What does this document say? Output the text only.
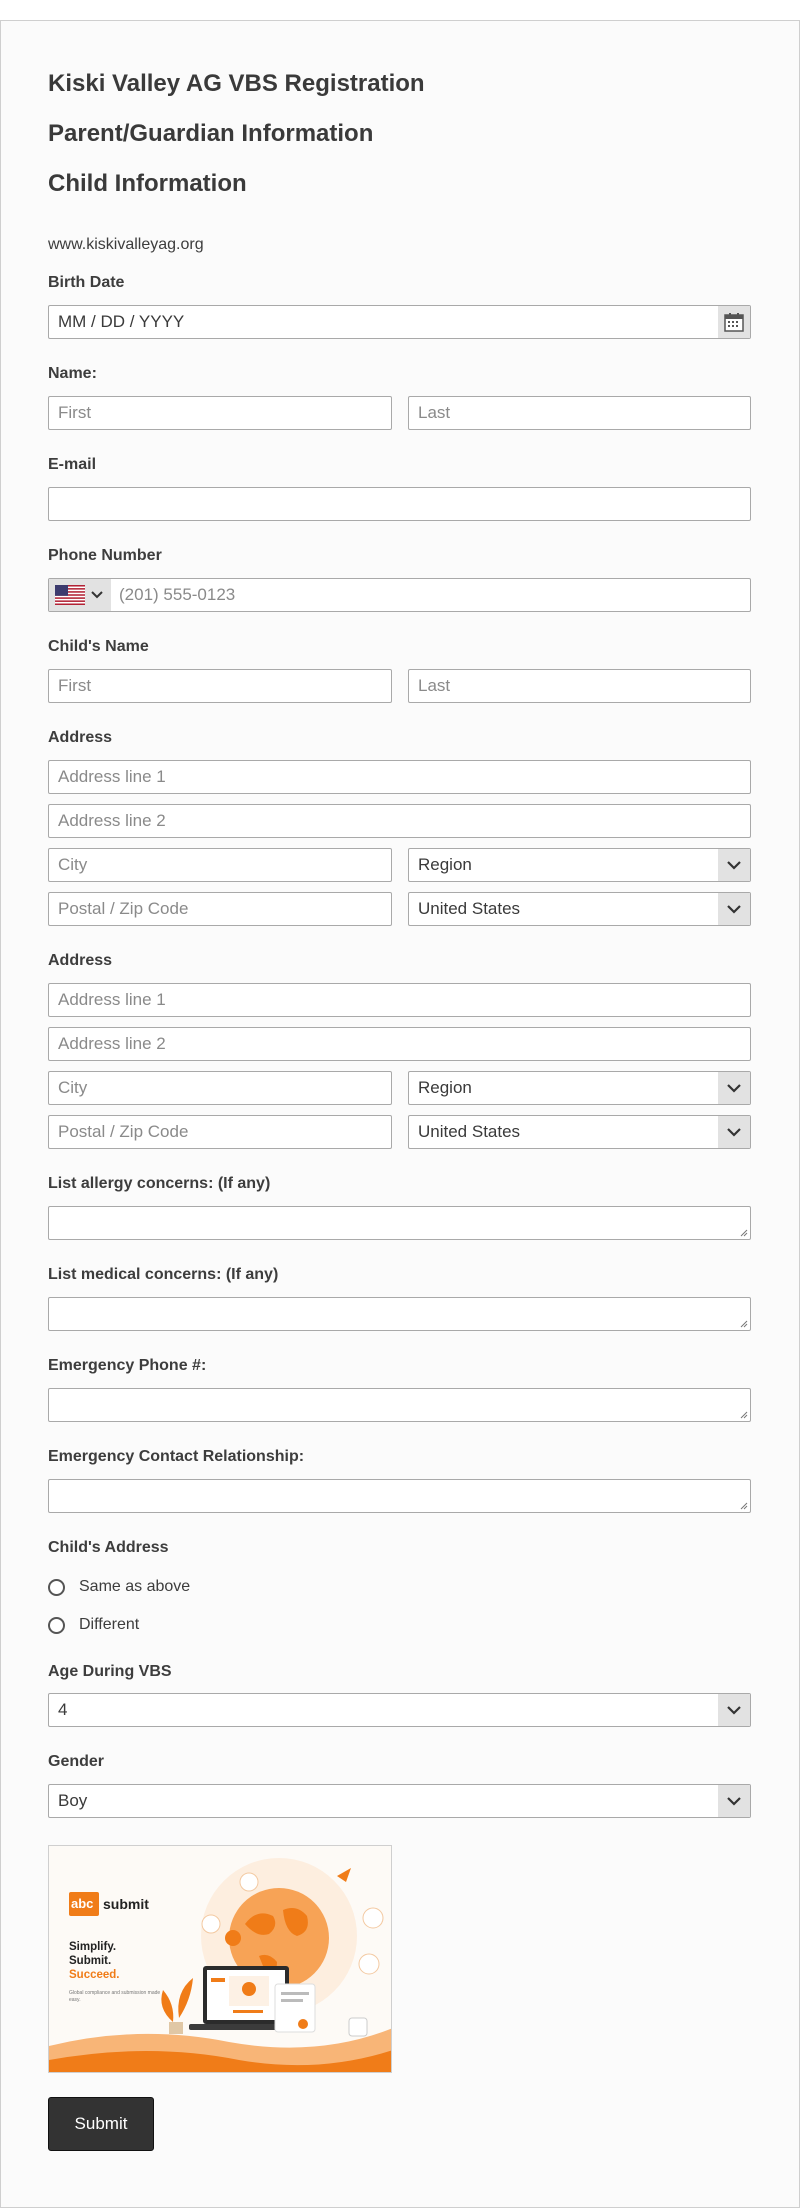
Kiski Valley AG VBS Registration
Parent/Guardian Information
Child Information
www.kiskivalleyag.org
Birth Date
MM / DD / YYYY
Name:
First	Last
E-mail
Phone Number
(201) 555-0123
Child's Name
First	Last
Address
Address line 1
Address line 2
City	Region
Postal / Zip Code	United States
Address
Address line 1
Address line 2
City	Region
Postal / Zip Code	United States
List allergy concerns: (If any)
List medical concerns: (If any)
Emergency Phone #:
Emergency Contact Relationship:
Child's Address
Same as above
Different
Age During VBS
4
Gender
Boy
abc submit
Simplify.
Submit.
Succeed.
Global compliance and submission made easy.
Submit
